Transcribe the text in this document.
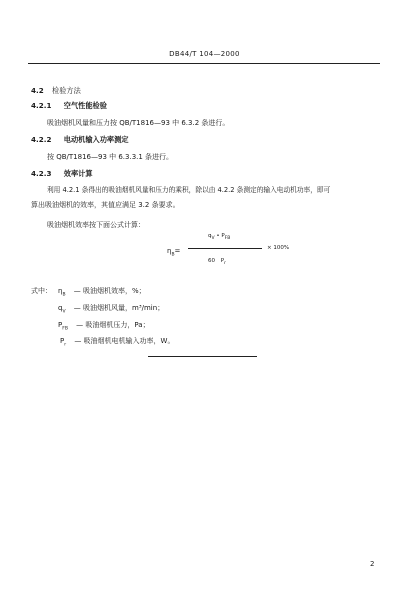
DB44/T 104—2000
4.2 检验方法
4.2.1 空气性能检验
吸油烟机风量和压力按 QB/T1816—93 中 6.3.2 条进行。
4.2.2 电动机输入功率测定
按 QB/T1816—93 中 6.3.3.1 条进行。
4.2.3 效率计算
利用 4.2.1 条得出的吸油烟机风量和压力的乘积，除以由 4.2.2 条测定的输入电动机功率，即可
算出吸油烟机的效率，其值应满足 3.2 条要求。
吸油烟机效率按下面公式计算：
$\eta_B=$
$q_V$ • $P_{FB}$
× 100%
60 $P_r$
式中： $\eta_B$ — 吸油烟机效率，%；
$q_V$ — 吸油烟机风量，m³/min；
$P_{FB}$ — 吸油烟机压力，Pa；
$P_r$ — 吸油烟机电机输入功率，W。
2
